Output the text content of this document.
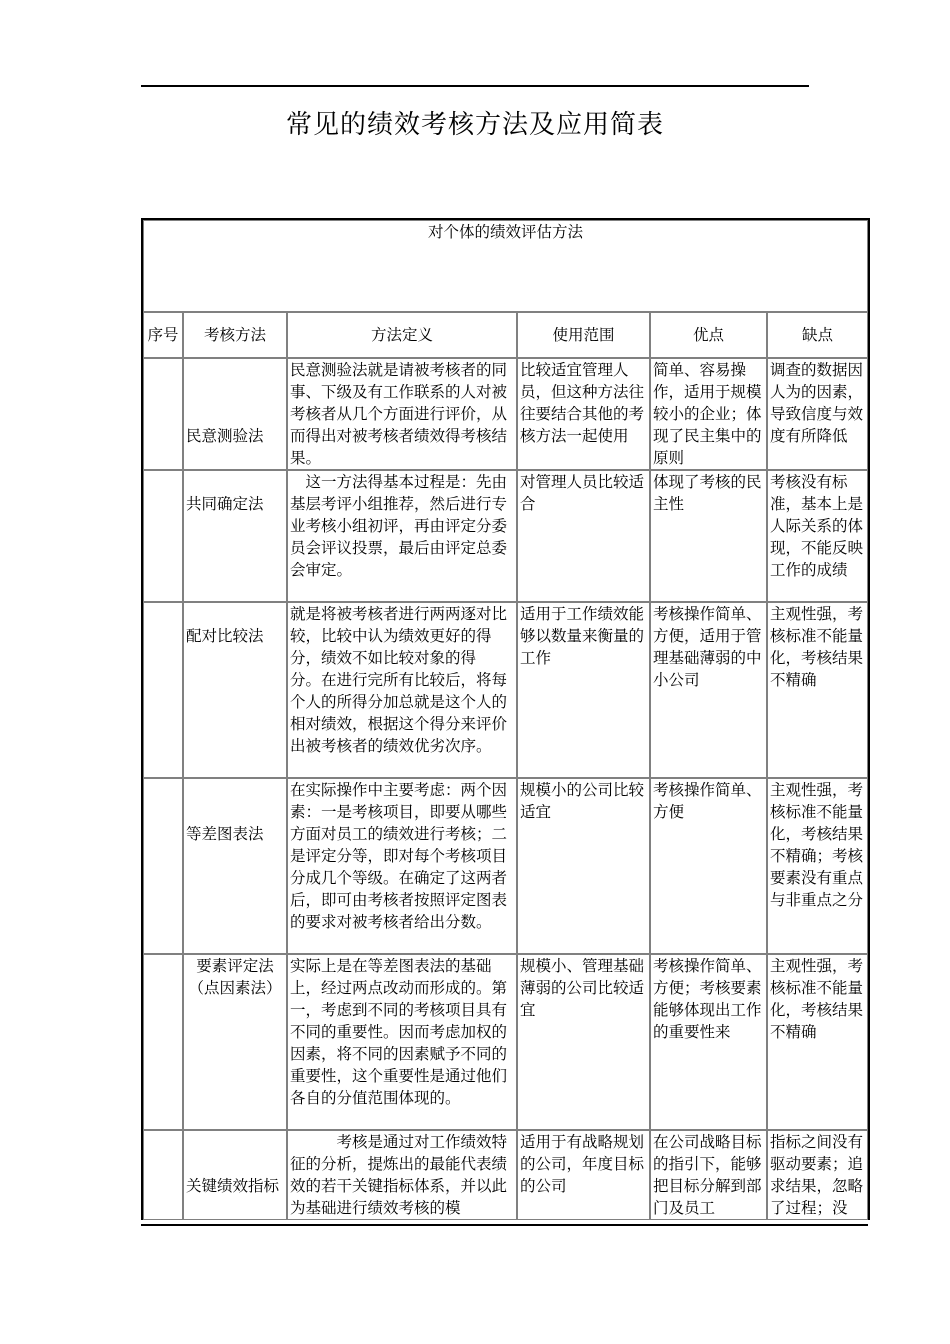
常见的绩效考核方法及应用简表
对个体的绩效评估方法					
序号	考核方法	方法定义	使用范围	优点	缺点
	民意测验法	民意测验法就是请被考核者的同事、下级及有工作联系的人对被考核者从几个方面进行评价，从而得出对被考核者绩效得考核结果。	比较适宜管理人员，但这种方法往往要结合其他的考核方法一起使用	简单、容易操作，适用于规模较小的企业；体现了民主集中的原则	调查的数据因人为的因素，导致信度与效度有所降低
	共同确定法	这一方法得基本过程是：先由基层考评小组推荐，然后进行专业考核小组初评，再由评定分委员会评议投票，最后由评定总委会审定。	对管理人员比较适合	体现了考核的民主性	考核没有标准，基本上是人际关系的体现，不能反映工作的成绩
	配对比较法	就是将被考核者进行两两逐对比较，比较中认为绩效更好的得　分，绩效不如比较对象的得　分。在进行完所有比较后，将每个人的所得分加总就是这个人的相对绩效，根据这个得分来评价出被考核者的绩效优劣次序。	适用于工作绩效能够以数量来衡量的工作	考核操作简单、方便，适用于管理基础薄弱的中小公司	主观性强，考核标准不能量化，考核结果不精确
	等差图表法	在实际操作中主要考虑：两个因素：一是考核项目，即要从哪些方面对员工的绩效进行考核；二是评定分等，即对每个考核项目分成几个等级。在确定了这两者后，即可由考核者按照评定图表的要求对被考核者给出分数。	规模小的公司比较适宜	考核操作简单、方便	主观性强，考核标准不能量化，考核结果不精确；考核要素没有重点与非重点之分
	要素评定法（点因素法）	实际上是在等差图表法的基础上，经过两点改动而形成的。第一，考虑到不同的考核项目具有不同的重要性。因而考虑加权的因素，将不同的因素赋予不同的重要性，这个重要性是通过他们各自的分值范围体现的。	规模小、管理基础薄弱的公司比较适宜	考核操作简单、方便；考核要素能够体现出工作的重要性来	主观性强，考核标准不能量化，考核结果不精确
	关键绩效指标	考核是通过对工作绩效特征的分析，提炼出的最能代表绩效的若干关键指标体系，并以此为基础进行绩效考核的模	适用于有战略规划的公司，年度目标的公司	在公司战略目标的指引下，能够把目标分解到部门及员工	指标之间没有驱动要素；追求结果，忽略了过程；没
